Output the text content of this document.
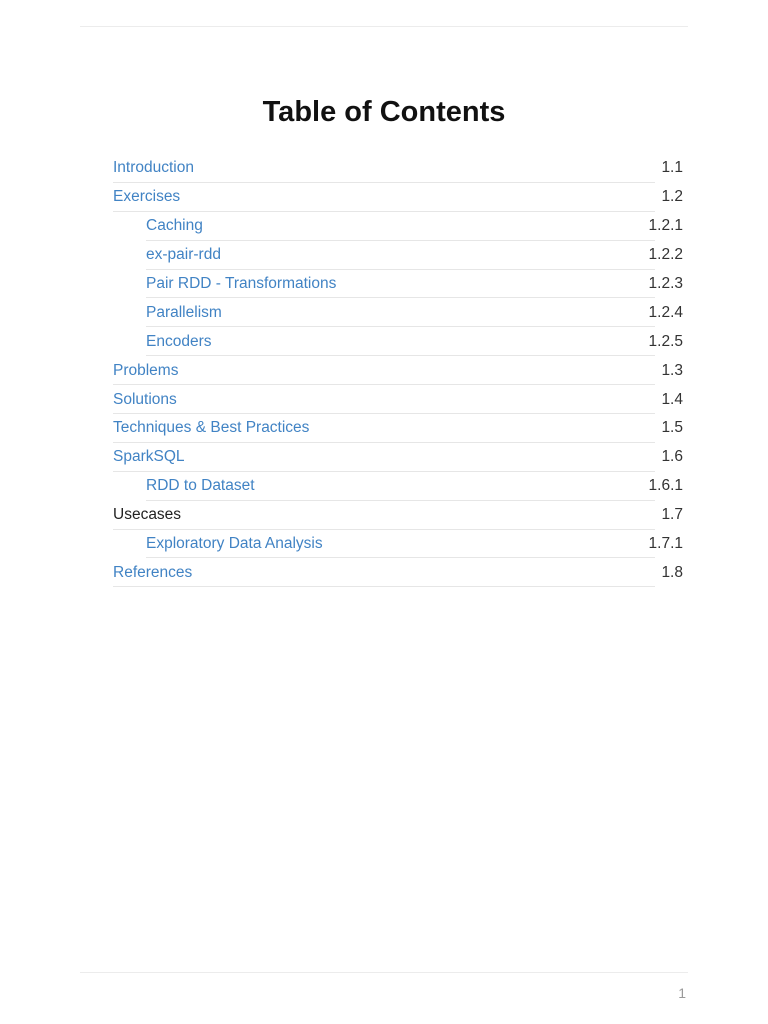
Table of Contents
Introduction	1.1
Exercises	1.2
Caching	1.2.1
ex-pair-rdd	1.2.2
Pair RDD - Transformations	1.2.3
Parallelism	1.2.4
Encoders	1.2.5
Problems	1.3
Solutions	1.4
Techniques & Best Practices	1.5
SparkSQL	1.6
RDD to Dataset	1.6.1
Usecases	1.7
Exploratory Data Analysis	1.7.1
References	1.8
1
